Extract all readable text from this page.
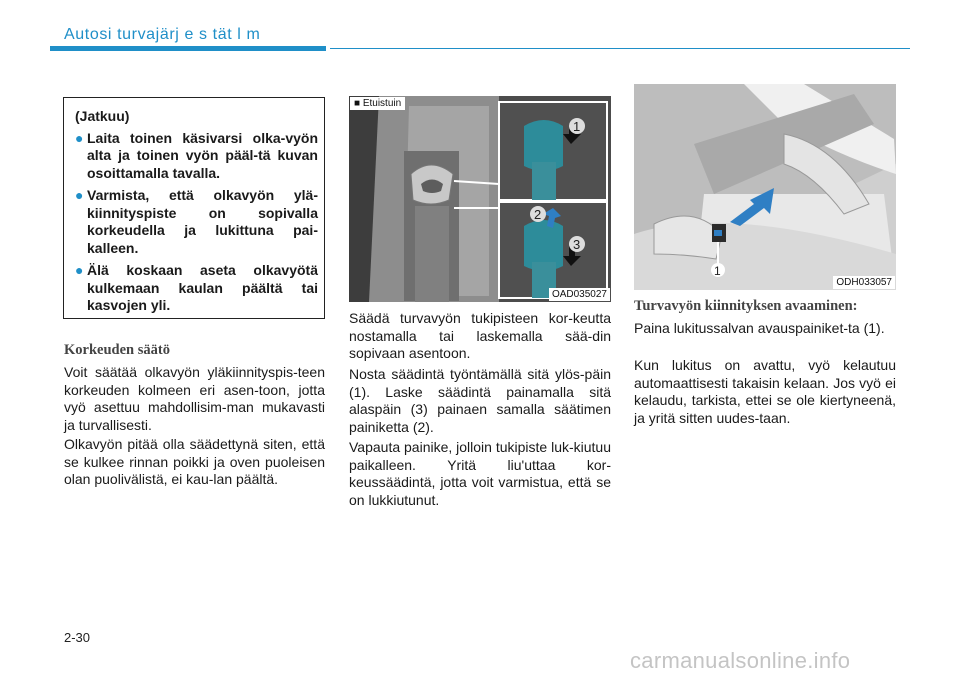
Autosi turvajärj e s tät l m
(Jatkuu)
● Laita toinen käsivarsi olka-vyön alta ja toinen vyön pääl-tä kuvan osoittamalla tavalla.
● Varmista, että olkavyön ylä-kiinnityspiste on sopivalla korkeudella ja lukittuna pai-kalleen.
● Älä koskaan aseta olkavyötä kulkemaan kaulan päältä tai kasvojen yli.
Korkeuden säätö
Voit säätää olkavyön yläkiinnityspis-teen korkeuden kolmeen eri asen-toon, jotta vyö asettuu mahdollisim-man mukavasti ja turvallisesti.
Olkavyön pitää olla säädettynä siten, että se kulkee rinnan poikki ja oven puoleisen olan puolivälistä, ei kau-lan päältä.
1
2
3
■ Etuistuin
OAD035027
Säädä turvavyön tukipisteen kor-keutta nostamalla tai laskemalla sää-din sopivaan asentoon.
Nosta säädintä työntämällä sitä ylös-päin (1). Laske säädintä painamalla sitä alaspäin (3) painaen samalla säätimen painiketta (2).
Vapauta painike, jolloin tukipiste luk-kiutuu paikalleen. Yritä liu'uttaa kor-keussäädintä, jotta voit varmistua, että se on lukkiutunut.
1
ODH033057
Turvavyön kiinnityksen avaaminen:
Paina lukitussalvan avauspainiket-ta (1).
Kun lukitus on avattu, vyö kelautuu automaattisesti takaisin kelaan. Jos vyö ei kelaudu, tarkista, ettei se ole kiertyneenä, ja yritä sitten uudes-taan.
2-30
carmanualsonline.info
